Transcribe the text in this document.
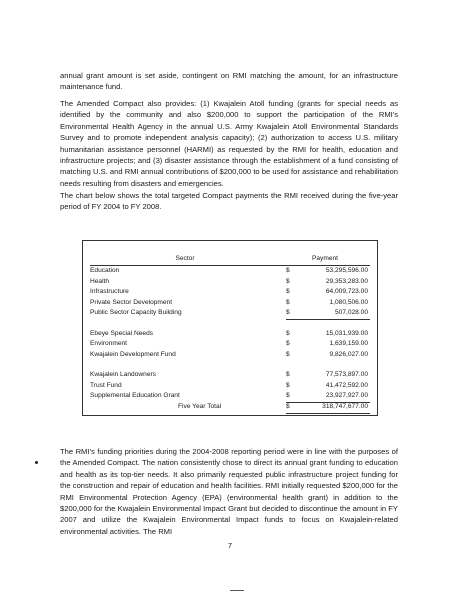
annual grant amount is set aside, contingent on RMI matching the amount, for an infrastructure maintenance fund.

The Amended Compact also provides: (1) Kwajalein Atoll funding (grants for special needs as identified by the community and also $200,000 to support the participation of the RMI's Environmental Health Agency in the annual U.S. Army Kwajalein Atoll Environmental Standards Survey and to promote independent analysis capacity); (2) authorization to access U.S. military humanitarian assistance personnel (HARMI) as requested by the RMI for health, education and infrastructure projects; and (3) disaster assistance through the establishment of a fund consisting of matching U.S. and RMI annual contributions of $200,000 to be used for assistance and rehabilitation needs resulting from disasters and emergencies.

The chart below shows the total targeted Compact payments the RMI received during the five-year period of FY 2004 to FY 2008.

Sector	Payment
Education	$	53,295,596.00
Health	$	29,353,283.00
Infrastructure	$	64,009,723.00
Private Sector Development	$	1,080,506.00
Public Sector Capacity Building	$	507,028.00
Ebeye Special Needs	$	15,031,939.00
Environment	$	1,639,159.00
Kwajalein Development Fund	$	9,826,027.00
Kwajalein Landowners	$	77,573,897.00
Trust Fund	$	41,472,592.00
Supplemental Education Grant	$	23,927,927.00
Five Year Total	$	318,747,677.00

The RMI's funding priorities during the 2004-2008 reporting period were in line with the purposes of the Amended Compact. The nation consistently chose to direct its annual grant funding to education and health as its top-tier needs. It also primarily requested public infrastructure project funding for the construction and repair of education and health facilities. RMI initially requested $200,000 for the RMI Environmental Protection Agency (EPA) (environmental health grant) in addition to the $200,000 for the Kwajalein Environmental Impact Grant but decided to discontinue the amount in FY 2007 and utilize the Kwajalein Environmental Impact funds to focus on Kwajalein-related environmental activities. The RMI

7
